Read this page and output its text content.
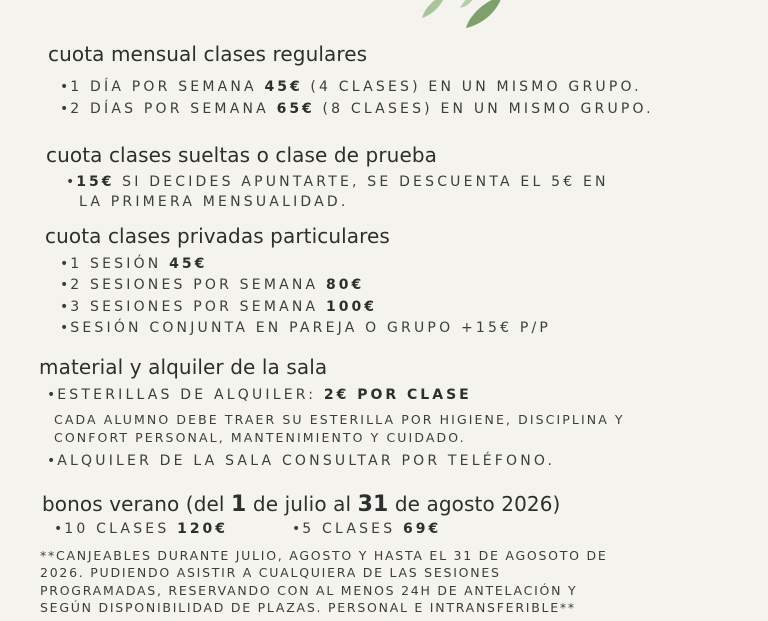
cuota mensual clases regulares
• 1 DÍA POR SEMANA 45€ (4 CLASES) EN UN MISMO GRUPO.
• 2 DÍAS POR SEMANA 65€ (8 CLASES) EN UN MISMO GRUPO.
cuota clases sueltas o clase de prueba
• 15€ SI DECIDES APUNTARTE, SE DESCUENTA EL 5€ EN
LA PRIMERA MENSUALIDAD.
cuota clases privadas particulares
• 1 SESIÓN 45€
• 2 SESIONES POR SEMANA 80€
• 3 SESIONES POR SEMANA 100€
• SESIÓN CONJUNTA EN PAREJA O GRUPO +15€ P/P
material y alquiler de la sala
• ESTERILLAS DE ALQUILER: 2€ POR CLASE
CADA ALUMNO DEBE TRAER SU ESTERILLA POR HIGIENE, DISCIPLINA Y
CONFORT PERSONAL, MANTENIMIENTO Y CUIDADO.
• ALQUILER DE LA SALA CONSULTAR POR TELÉFONO.
bonos verano (del 1 de julio al 31 de agosto 2026)
• 10 CLASES 120€	• 5 CLASES 69€
**CANJEABLES DURANTE JULIO, AGOSTO Y HASTA EL 31 DE AGOSOTO DE
2026. PUDIENDO ASISTIR A CUALQUIERA DE LAS SESIONES
PROGRAMADAS, RESERVANDO CON AL MENOS 24H DE ANTELACIÓN Y
SEGÚN DISPONIBILIDAD DE PLAZAS. PERSONAL E INTRANSFERIBLE**
